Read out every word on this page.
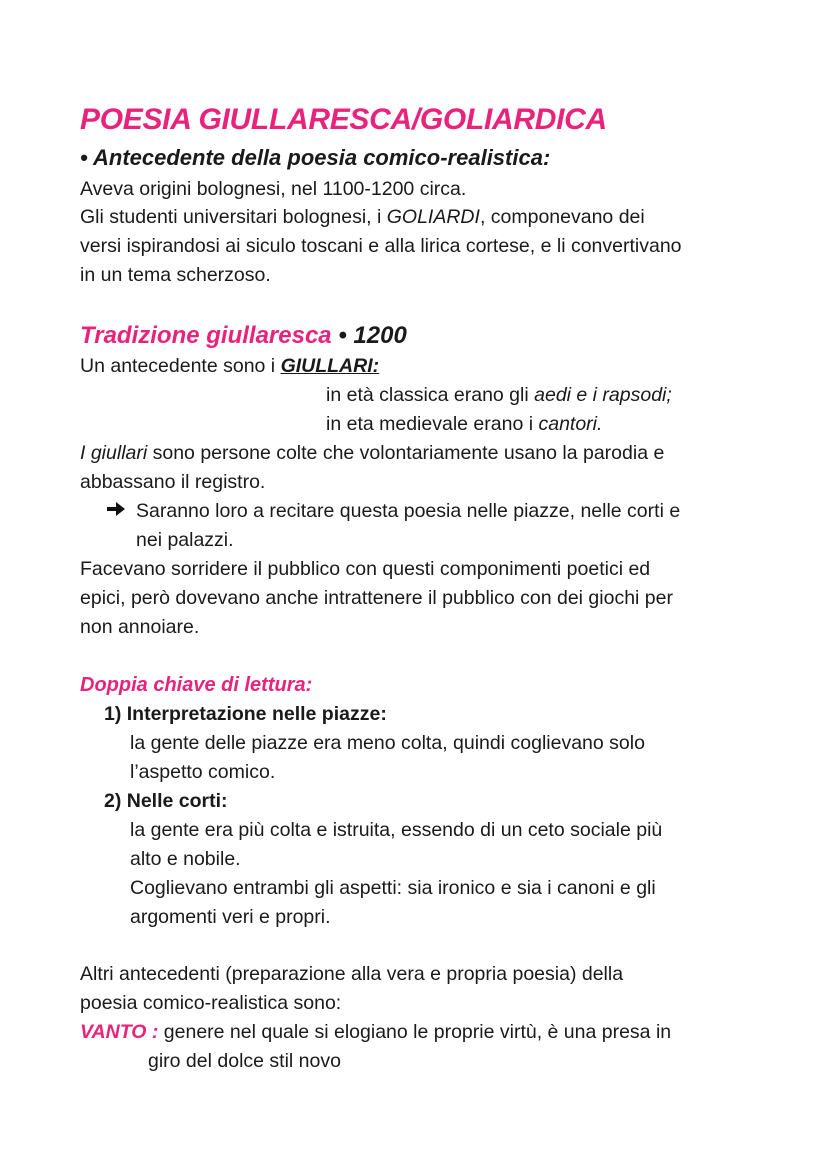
POESIA GIULLARESCA/GOLIARDICA
• Antecedente della poesia comico-realistica:
Aveva origini bolognesi, nel 1100-1200 circa.
Gli studenti universitari bolognesi, i GOLIARDI, componevano dei
versi ispirandosi ai siculo toscani e alla lirica cortese, e li convertivano
in un tema scherzoso.
Tradizione giullaresca • 1200
Un antecedente sono i GIULLARI:
in età classica erano gli aedi e i rapsodi;
in eta medievale erano i cantori.
I giullari sono persone colte che volontariamente usano la parodia e
abbassano il registro.
Saranno loro a recitare questa poesia nelle piazze, nelle corti e
nei palazzi.
Facevano sorridere il pubblico con questi componimenti poetici ed
epici, però dovevano anche intrattenere il pubblico con dei giochi per
non annoiare.
Doppia chiave di lettura:
1) Interpretazione nelle piazze:
la gente delle piazze era meno colta, quindi coglievano solo
l’aspetto comico.
2) Nelle corti:
la gente era più colta e istruita, essendo di un ceto sociale più
alto e nobile.
Coglievano entrambi gli aspetti: sia ironico e sia i canoni e gli
argomenti veri e propri.
Altri antecedenti (preparazione alla vera e propria poesia) della
poesia comico-realistica sono:
VANTO : genere nel quale si elogiano le proprie virtù, è una presa in
giro del dolce stil novo
